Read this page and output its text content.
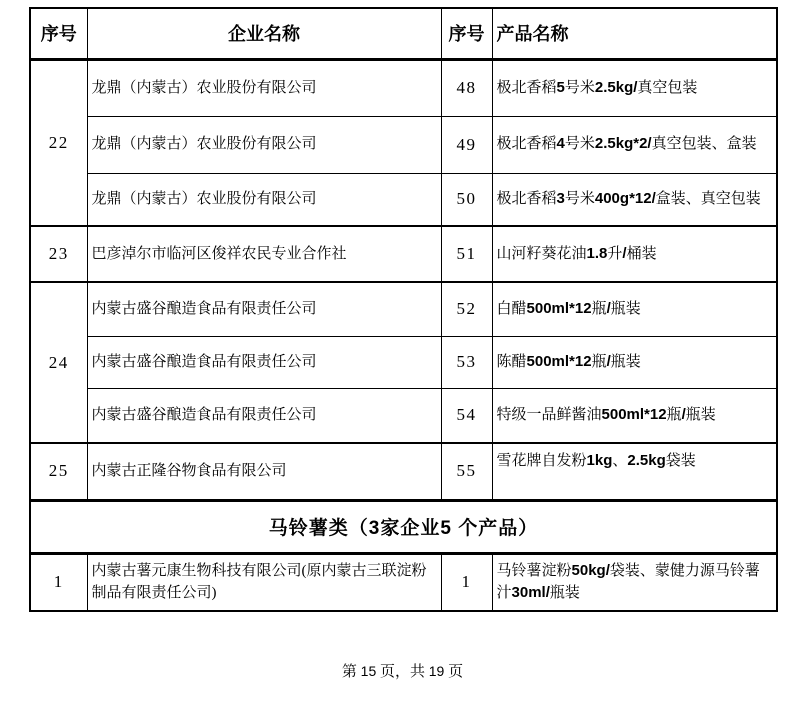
序号	企业名称	序号	产品名称
22	龙鼎（内蒙古）农业股份有限公司	48	极北香稻5号米2.5kg/真空包装
	龙鼎（内蒙古）农业股份有限公司	49	极北香稻4号米2.5kg*2/真空包装、盒装
	龙鼎（内蒙古）农业股份有限公司	50	极北香稻3号米400g*12/盒装、真空包装
23	巴彦淖尔市临河区俊祥农民专业合作社	51	山河籽葵花油1.8升/桶装
24	内蒙古盛谷酿造食品有限责任公司	52	白醋500ml*12瓶/瓶装
	内蒙古盛谷酿造食品有限责任公司	53	陈醋500ml*12瓶/瓶装
	内蒙古盛谷酿造食品有限责任公司	54	特级一品鲜酱油500ml*12瓶/瓶装
25	内蒙古正隆谷物食品有限公司	55	雪花牌自发粉1kg、2.5kg袋装
马铃薯类（3家企业5 个产品）			
1	内蒙古薯元康生物科技有限公司(原内蒙古三联淀粉制品有限责任公司)	1	马铃薯淀粉50kg/袋装、蒙健力源马铃薯汁30ml/瓶装
第 15 页，共 19 页
